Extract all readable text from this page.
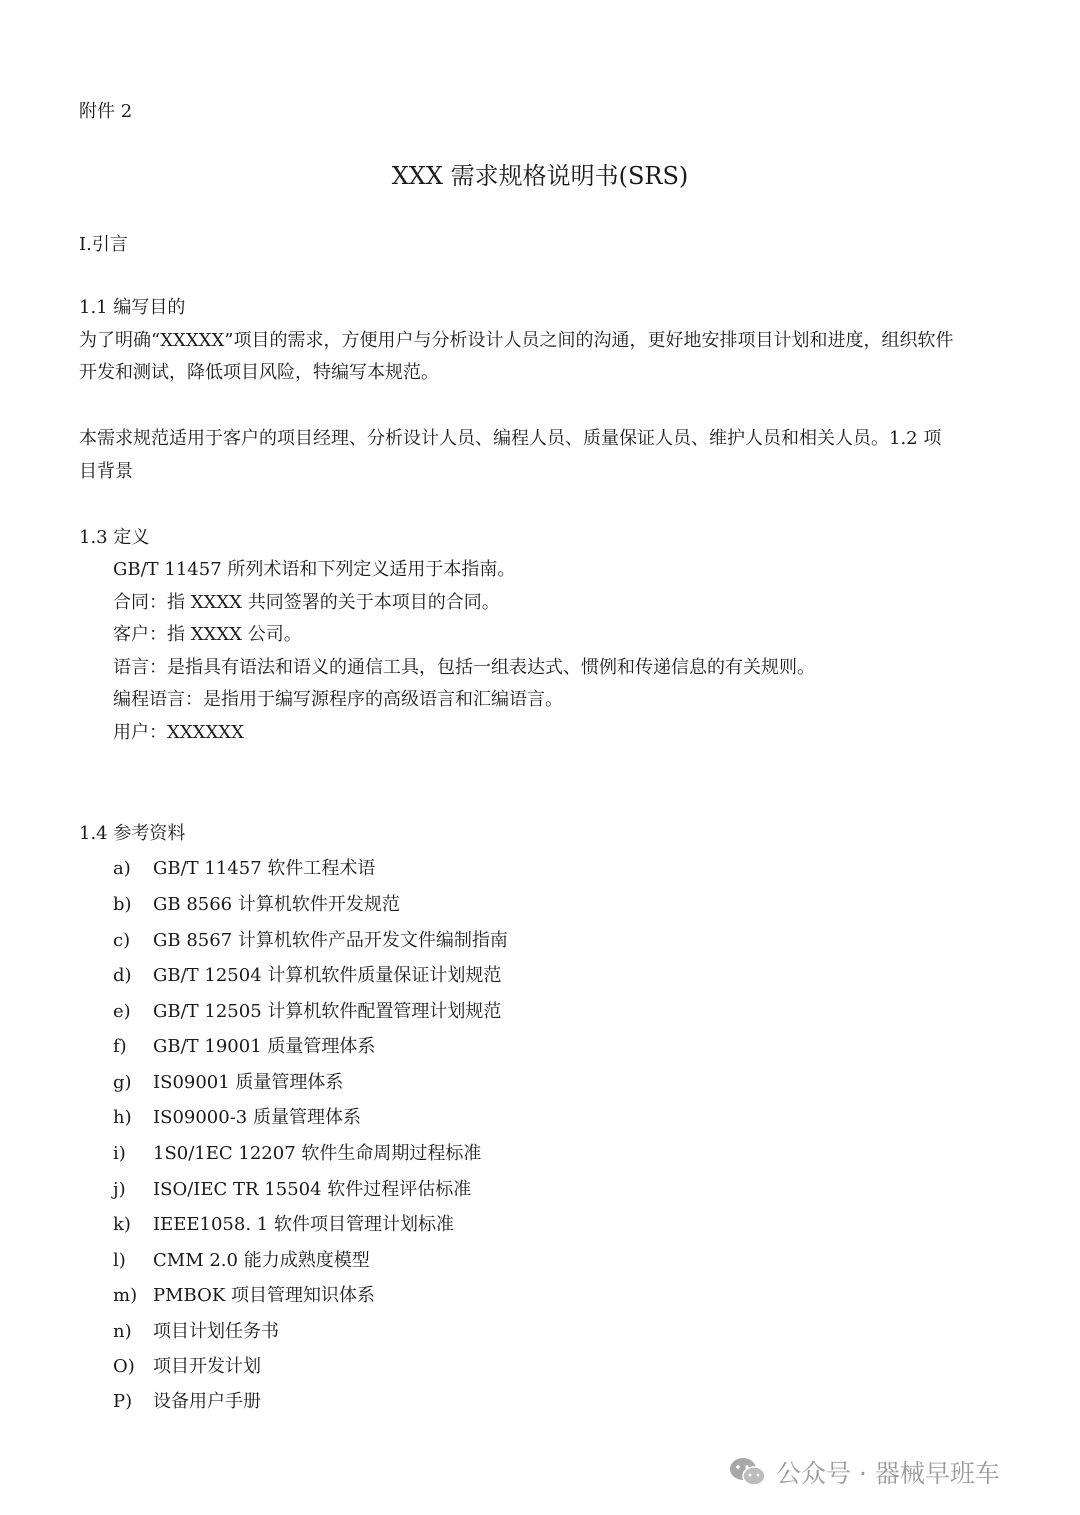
附件 2
XXX 需求规格说明书(SRS)
I.引言
1.1 编写目的
为了明确“XXXXX”项目的需求，方便用户与分析设计人员之间的沟通，更好地安排项目计划和进度，组织软件
开发和测试，降低项目风险，特编写本规范。
本需求规范适用于客户的项目经理、分析设计人员、编程人员、质量保证人员、维护人员和相关人员。1.2 项
目背景
1.3 定义
GB/T 11457 所列术语和下列定义适用于本指南。
合同：指 XXXX 共同签署的关于本项目的合同。
客户：指 XXXX 公司。
语言：是指具有语法和语义的通信工具，包括一组表达式、惯例和传递信息的有关规则。
编程语言：是指用于编写源程序的高级语言和汇编语言。
用户：XXXXXX
1.4 参考资料
a) GB/T 11457 软件工程术语
b) GB 8566 计算机软件开发规范
c) GB 8567 计算机软件产品开发文件编制指南
d) GB/T 12504 计算机软件质量保证计划规范
e) GB/T 12505 计算机软件配置管理计划规范
f) GB/T 19001 质量管理体系
g) IS09001 质量管理体系
h) IS09000-3 质量管理体系
i) 1S0/1EC 12207 软件生命周期过程标准
j) ISO/IEC TR 15504 软件过程评估标准
k) IEEE1058. 1 软件项目管理计划标准
l) CMM 2.0 能力成熟度模型
m) PMBOK 项目管理知识体系
n) 项目计划任务书
O) 项目开发计划
P) 设备用户手册
公众号 · 器械早班车
